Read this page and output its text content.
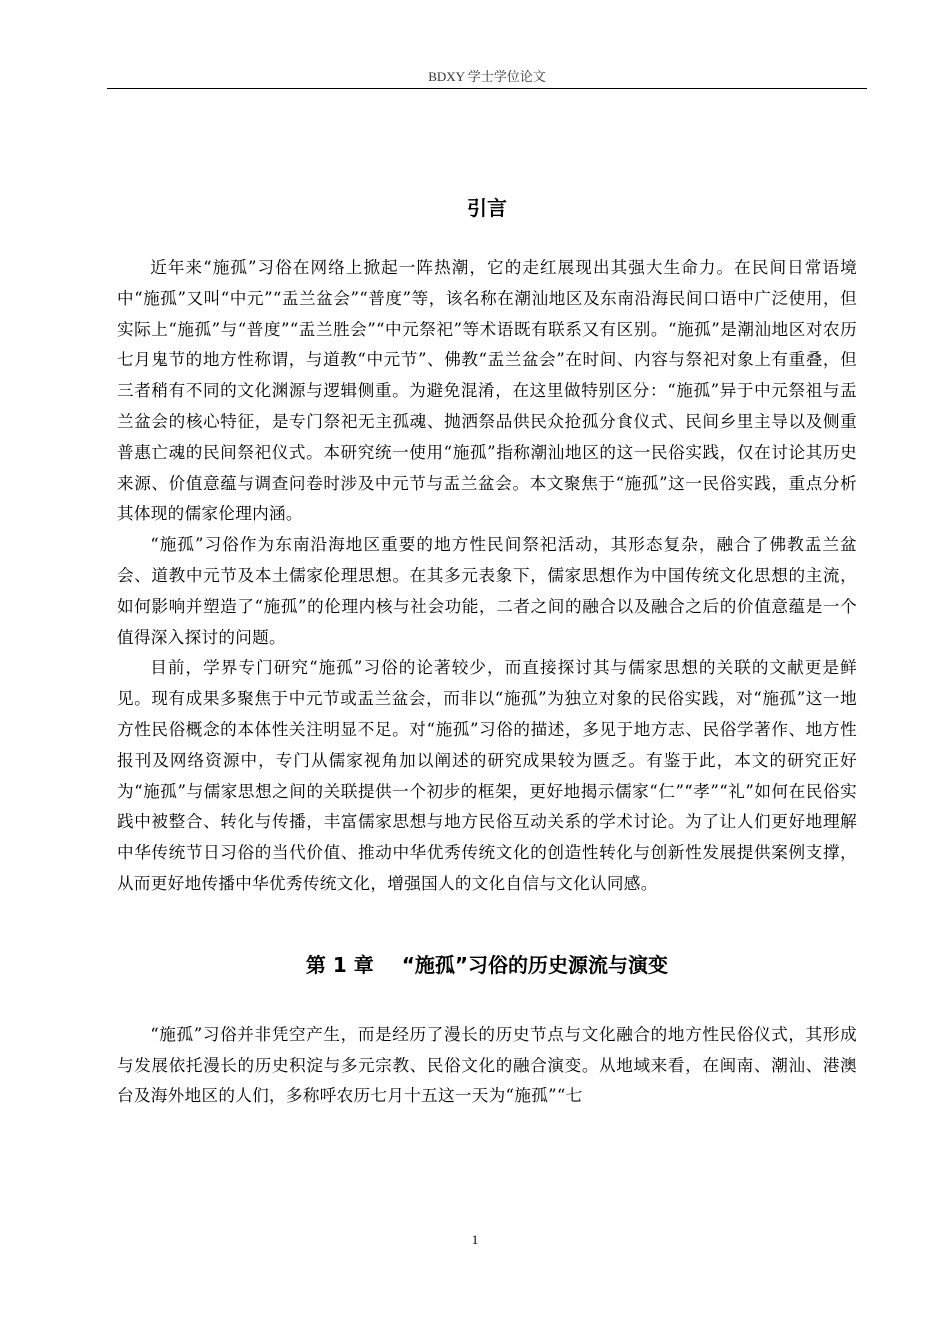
BDXY 学士学位论文
引言

近年来“施孤”习俗在网络上掀起一阵热潮，它的走红展现出其强大生命力。在民间日常语境中“施孤”又叫“中元”“盂兰盆会”“普度”等，该名称在潮汕地区及东南沿海民间口语中广泛使用，但实际上“施孤”与“普度”“盂兰胜会”“中元祭祀”等术语既有联系又有区别。“施孤”是潮汕地区对农历七月鬼节的地方性称谓，与道教“中元节”、佛教“盂兰盆会”在时间、内容与祭祀对象上有重叠，但三者稍有不同的文化渊源与逻辑侧重。为避免混淆，在这里做特别区分：“施孤”异于中元祭祖与盂兰盆会的核心特征，是专门祭祀无主孤魂、抛洒祭品供民众抢孤分食仪式、民间乡里主导以及侧重普惠亡魂的民间祭祀仪式。本研究统一使用“施孤”指称潮汕地区的这一民俗实践，仅在讨论其历史来源、价值意蕴与调查问卷时涉及中元节与盂兰盆会。本文聚焦于“施孤”这一民俗实践，重点分析其体现的儒家伦理内涵。

“施孤”习俗作为东南沿海地区重要的地方性民间祭祀活动，其形态复杂，融合了佛教盂兰盆会、道教中元节及本土儒家伦理思想。在其多元表象下，儒家思想作为中国传统文化思想的主流，如何影响并塑造了“施孤”的伦理内核与社会功能，二者之间的融合以及融合之后的价值意蕴是一个值得深入探讨的问题。

目前，学界专门研究“施孤”习俗的论著较少，而直接探讨其与儒家思想的关联的文献更是鲜见。现有成果多聚焦于中元节或盂兰盆会，而非以“施孤”为独立对象的民俗实践，对“施孤”这一地方性民俗概念的本体性关注明显不足。对“施孤”习俗的描述，多见于地方志、民俗学著作、地方性报刊及网络资源中，专门从儒家视角加以阐述的研究成果较为匮乏。有鉴于此，本文的研究正好为“施孤”与儒家思想之间的关联提供一个初步的框架，更好地揭示儒家“仁”“孝”“礼”如何在民俗实践中被整合、转化与传播，丰富儒家思想与地方民俗互动关系的学术讨论。为了让人们更好地理解中华传统节日习俗的当代价值、推动中华优秀传统文化的创造性转化与创新性发展提供案例支撑，从而更好地传播中华优秀传统文化，增强国人的文化自信与文化认同感。

第 1 章 “施孤”习俗的历史源流与演变

“施孤”习俗并非凭空产生，而是经历了漫长的历史节点与文化融合的地方性民俗仪式，其形成与发展依托漫长的历史积淀与多元宗教、民俗文化的融合演变。从地域来看，在闽南、潮汕、港澳台及海外地区的人们，多称呼农历七月十五这一天为“施孤”“七

1
